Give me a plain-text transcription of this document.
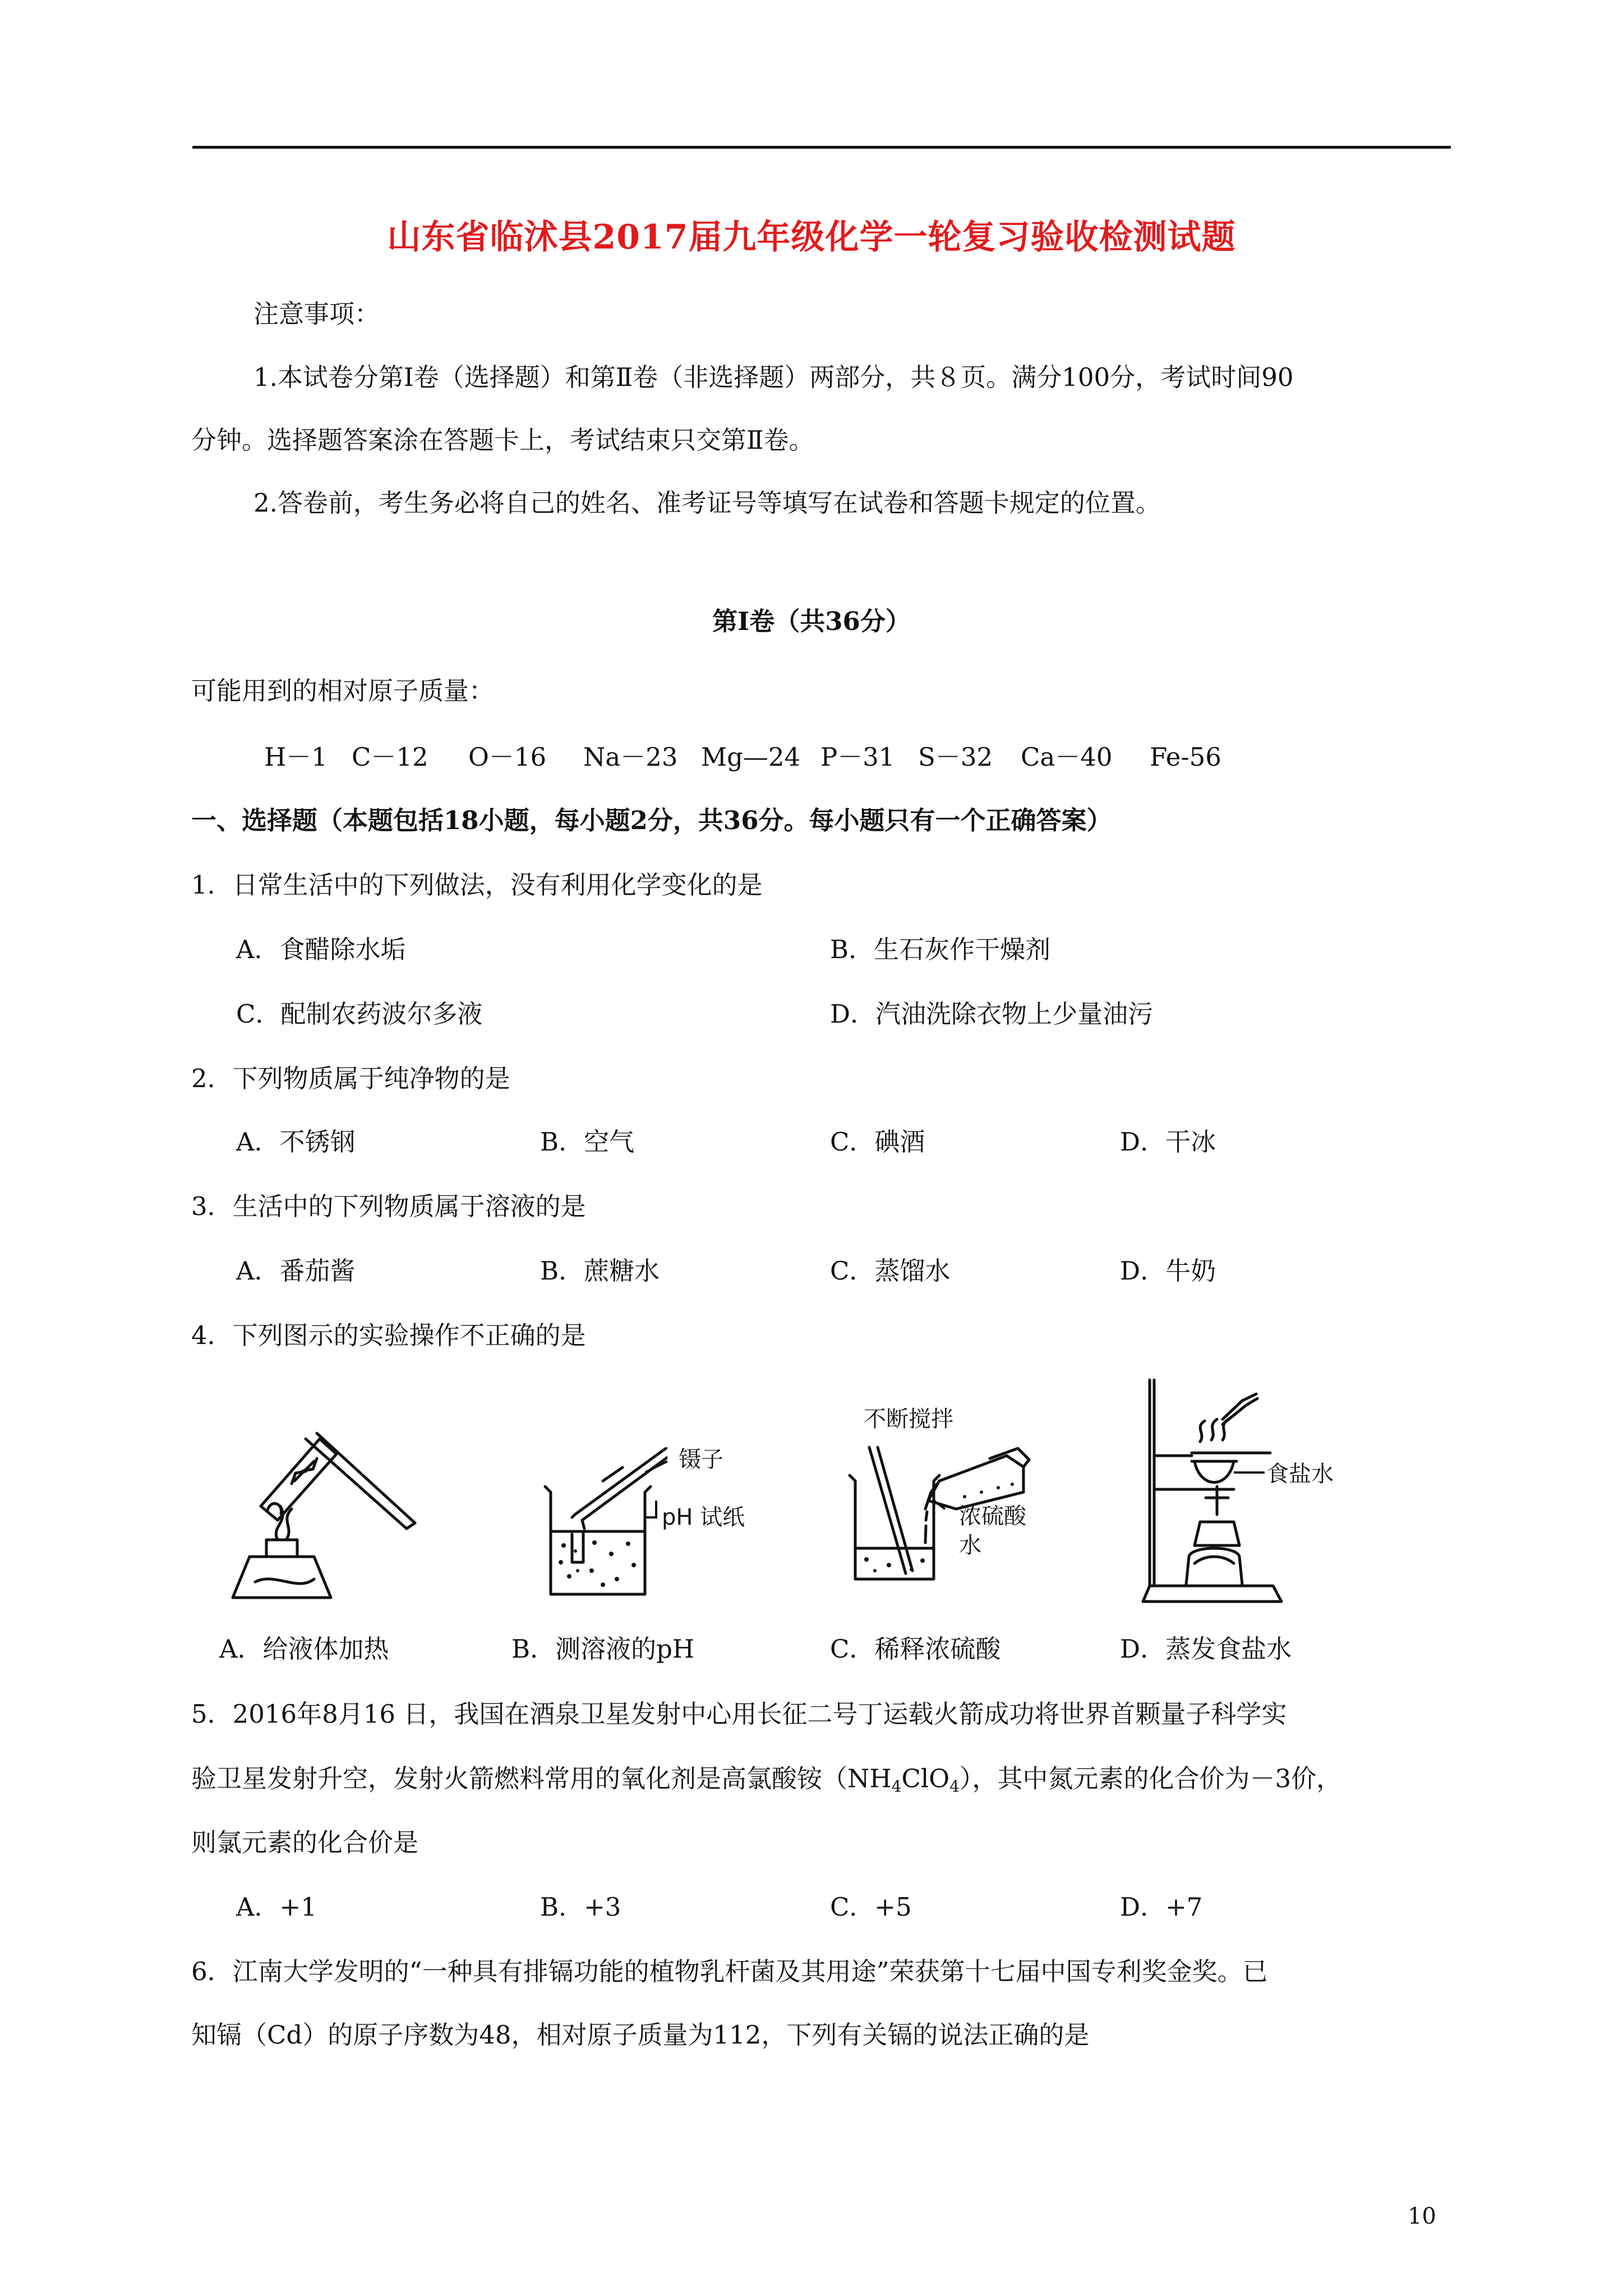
山东省临沭县2017届九年级化学一轮复习验收检测试题
注意事项：
1.本试卷分第Ⅰ卷（选择题）和第Ⅱ卷（非选择题）两部分，共８页。满分100分，考试时间90
分钟。选择题答案涂在答题卡上，考试结束只交第Ⅱ卷。
2.答卷前，考生务必将自己的姓名、准考证号等填写在试卷和答题卡规定的位置。
第Ⅰ卷（共36分）
可能用到的相对原子质量：
H－1 C－12 O－16 Na－23 Mg—24 P－31 S－32 Ca－40 Fe-56
一、选择题（本题包括18小题，每小题2分，共36分。每小题只有一个正确答案）
1．日常生活中的下列做法，没有利用化学变化的是
A．食醋除水垢	B．生石灰作干燥剂
C．配制农药波尔多液	D．汽油洗除衣物上少量油污
2．下列物质属于纯净物的是
A．不锈钢	B．空气	C．碘酒	D．干冰
3．生活中的下列物质属于溶液的是
A．番茄酱	B．蔗糖水	C．蒸馏水	D．牛奶
4．下列图示的实验操作不正确的是
镊子
pH 试纸
不断搅拌
浓硫酸
水
食盐水
A．给液体加热	B．测溶液的pH	C．稀释浓硫酸	D．蒸发食盐水
5．2016年8月16 日，我国在酒泉卫星发射中心用长征二号丁运载火箭成功将世界首颗量子科学实
验卫星发射升空，发射火箭燃料常用的氧化剂是高氯酸铵$(NH_4ClO_4)$，其中氮元素的化合价为－3价，
则氯元素的化合价是
A．+1	B．+3	C．+5	D．+7
6．江南大学发明的“一种具有排镉功能的植物乳杆菌及其用途”荣获第十七届中国专利奖金奖。已
知镉（Cd）的原子序数为48，相对原子质量为112，下列有关镉的说法正确的是
10
